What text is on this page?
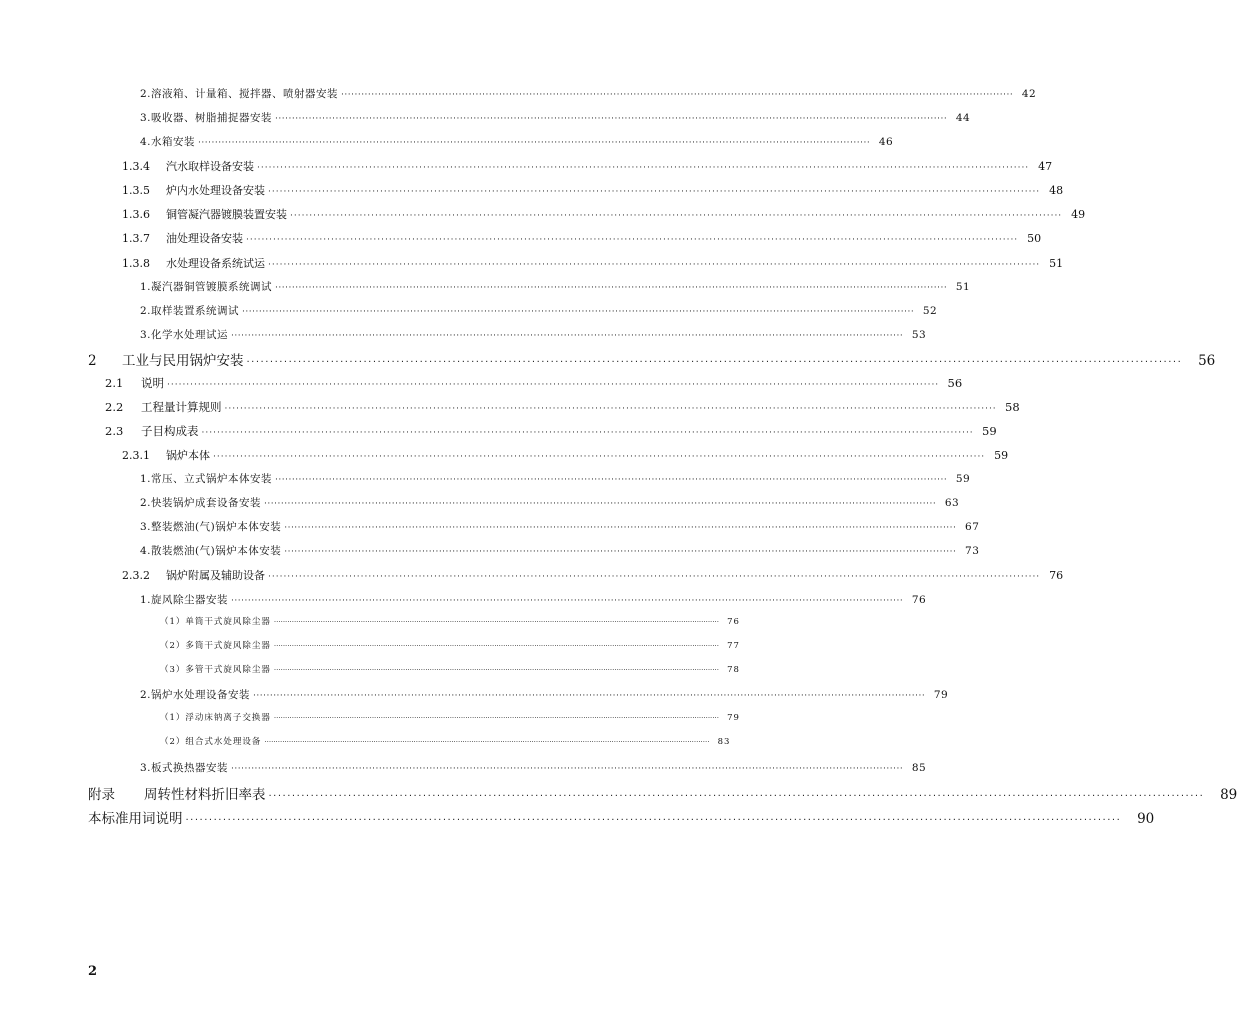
2.溶液箱、计量箱、搅拌器、喷射器安装 ········································································································································································································ 42
3.吸收器、树脂捕捉器安装 ········································································································································································································ 44
4.水箱安装 ········································································································································································································ 46
1.3.4	汽水取样设备安装 ········································································································································································································ 47
1.3.5	炉内水处理设备安装 ········································································································································································································ 48
1.3.6	铜管凝汽器镀膜装置安装 ········································································································································································································ 49
1.3.7	油处理设备安装 ········································································································································································································ 50
1.3.8	水处理设备系统试运 ········································································································································································································ 51
1.凝汽器铜管镀膜系统调试 ········································································································································································································ 51
2.取样装置系统调试 ········································································································································································································ 52
3.化学水处理试运 ········································································································································································································ 53
2	工业与民用锅炉安装 ········································································································································································································	56
2.1	说明 ········································································································································································································ 56
2.2	工程量计算规则 ········································································································································································································ 58
2.3	子目构成表 ········································································································································································································ 59
2.3.1	锅炉本体 ········································································································································································································ 59
1.常压、立式锅炉本体安装 ········································································································································································································ 59
2.快装锅炉成套设备安装 ········································································································································································································ 63
3.整装燃油(气)锅炉本体安装 ········································································································································································································ 67
4.散装燃油(气)锅炉本体安装 ········································································································································································································ 73
2.3.2	锅炉附属及辅助设备 ········································································································································································································ 76
1.旋风除尘器安装 ········································································································································································································ 76
（1）单筒干式旋风除尘器 ········································································································································································································ 76
（2）多筒干式旋风除尘器 ········································································································································································································ 77
（3）多管干式旋风除尘器 ········································································································································································································ 78
2.锅炉水处理设备安装 ········································································································································································································ 79
（1）浮动床钠离子交换器 ········································································································································································································ 79
（2）组合式水处理设备 ········································································································································································································ 83
3.板式换热器安装 ········································································································································································································ 85
附录	周转性材料折旧率表 ········································································································································································································	89
本标准用词说明 ········································································································································································································	90
2
